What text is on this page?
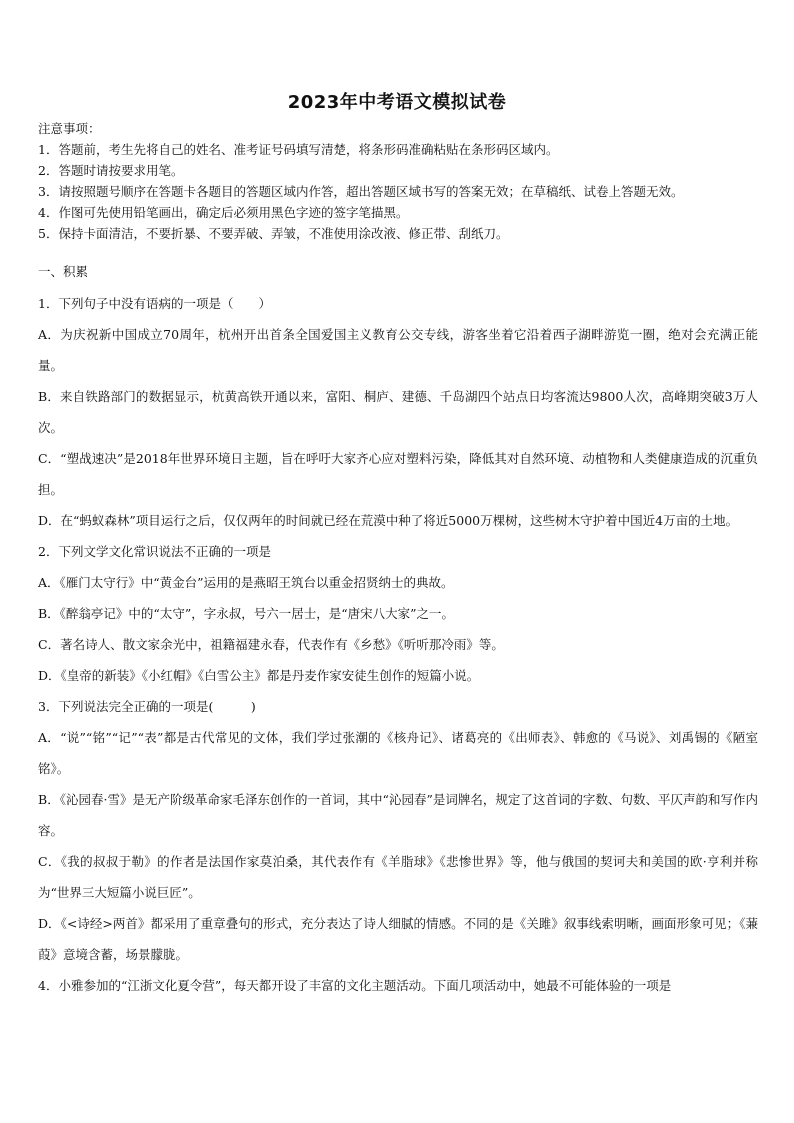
2023年中考语文模拟试卷
注意事项：
1．答题前，考生先将自己的姓名、准考证号码填写清楚，将条形码准确粘贴在条形码区域内。
2．答题时请按要求用笔。
3．请按照题号顺序在答题卡各题目的答题区域内作答，超出答题区域书写的答案无效；在草稿纸、试卷上答题无效。
4．作图可先使用铅笔画出，确定后必须用黑色字迹的签字笔描黑。
5．保持卡面清洁，不要折暴、不要弄破、弄皱，不准使用涂改液、修正带、刮纸刀。
一、积累

1．下列句子中没有语病的一项是（　　）

A．为庆祝新中国成立70周年，杭州开出首条全国爱国主义教育公交专线，游客坐着它沿着西子湖畔游览一圈，绝对会充满正能量。

B．来自铁路部门的数据显示，杭黄高铁开通以来，富阳、桐庐、建德、千岛湖四个站点日均客流达9800人次，高峰期突破3万人次。

C．“塑战速决”是2018年世界环境日主题，旨在呼吁大家齐心应对塑料污染，降低其对自然环境、动植物和人类健康造成的沉重负担。

D．在“蚂蚁森林”项目运行之后，仅仅两年的时间就已经在荒漠中种了将近5000万棵树，这些树木守护着中国近4万亩的土地。

2．下列文学文化常识说法不正确的一项是

A．《雁门太守行》中“黄金台”运用的是燕昭王筑台以重金招贤纳士的典故。

B．《醉翁亭记》中的“太守”，字永叔，号六一居士，是“唐宋八大家”之一。

C．著名诗人、散文家余光中，祖籍福建永春，代表作有《乡愁》《听听那冷雨》等。

D．《皇帝的新装》《小红帽》《白雪公主》都是丹麦作家安徒生创作的短篇小说。

3．下列说法完全正确的一项是(　　　)

A．“说”“铭”“记”“表”都是古代常见的文体，我们学过张潮的《核舟记》、诸葛亮的《出师表》、韩愈的《马说》、刘禹锡的《陋室铭》。

B．《沁园春·雪》是无产阶级革命家毛泽东创作的一首词，其中“沁园春”是词牌名，规定了这首词的字数、句数、平仄声韵和写作内容。

C．《我的叔叔于勒》的作者是法国作家莫泊桑，其代表作有《羊脂球》《悲惨世界》等，他与俄国的契诃夫和美国的欧·亨利并称为“世界三大短篇小说巨匠”。

D．《<诗经>两首》都采用了重章叠句的形式，充分表达了诗人细腻的情感。不同的是《关雎》叙事线索明晰，画面形象可见；《蒹葭》意境含蓄，场景朦胧。

4．小雅参加的“江浙文化夏令营”，每天都开设了丰富的文化主题活动。下面几项活动中，她最不可能体验的一项是
